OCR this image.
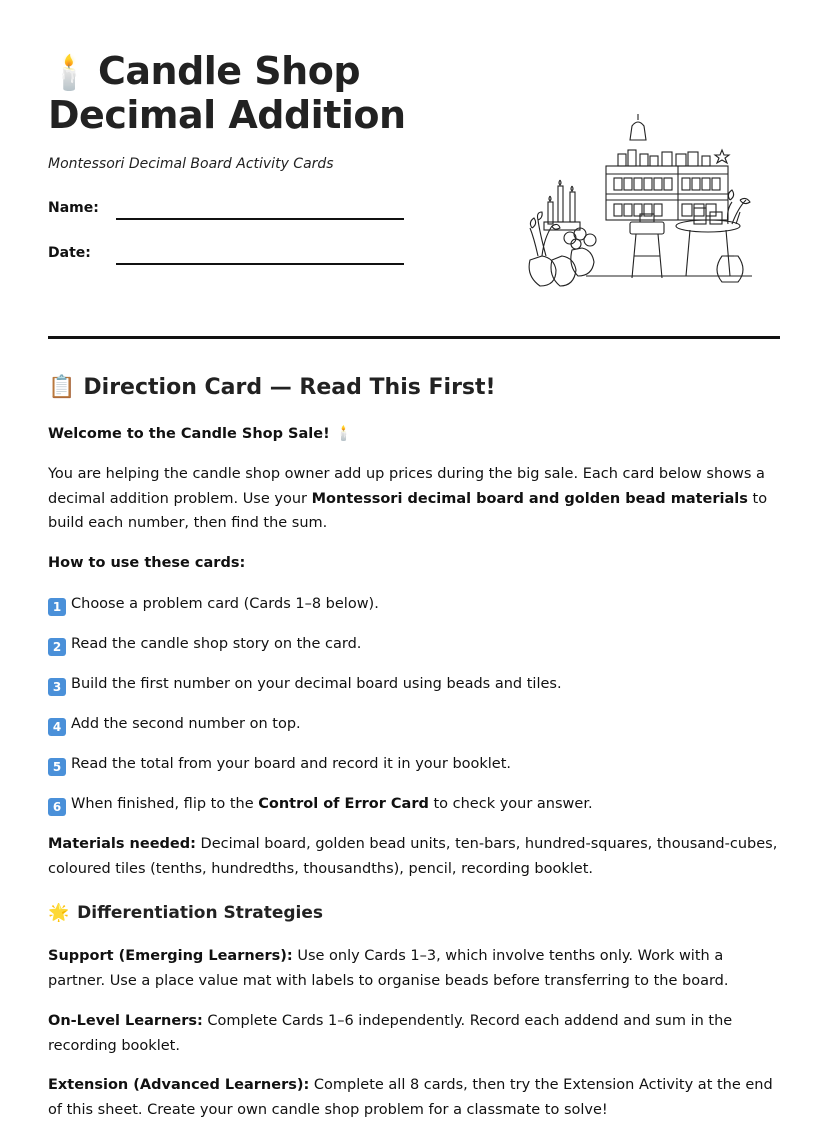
🕯️ Candle Shop Decimal Addition
Montessori Decimal Board Activity Cards
Name:
Date:
📋 Direction Card — Read This First!
Welcome to the Candle Shop Sale! 🕯️
You are helping the candle shop owner add up prices during the big sale. Each card below shows a decimal addition problem. Use your Montessori decimal board and golden bead materials to build each number, then find the sum.
How to use these cards:
1 Choose a problem card (Cards 1–8 below).
2 Read the candle shop story on the card.
3 Build the first number on your decimal board using beads and tiles.
4 Add the second number on top.
5 Read the total from your board and record it in your booklet.
6 When finished, flip to the Control of Error Card to check your answer.
Materials needed: Decimal board, golden bead units, ten-bars, hundred-squares, thousand-cubes, coloured tiles (tenths, hundredths, thousandths), pencil, recording booklet.
🌟 Differentiation Strategies
Support (Emerging Learners): Use only Cards 1–3, which involve tenths only. Work with a partner. Use a place value mat with labels to organise beads before transferring to the board.
On-Level Learners: Complete Cards 1–6 independently. Record each addend and sum in the recording booklet.
Extension (Advanced Learners): Complete all 8 cards, then try the Extension Activity at the end of this sheet. Create your own candle shop problem for a classmate to solve!
